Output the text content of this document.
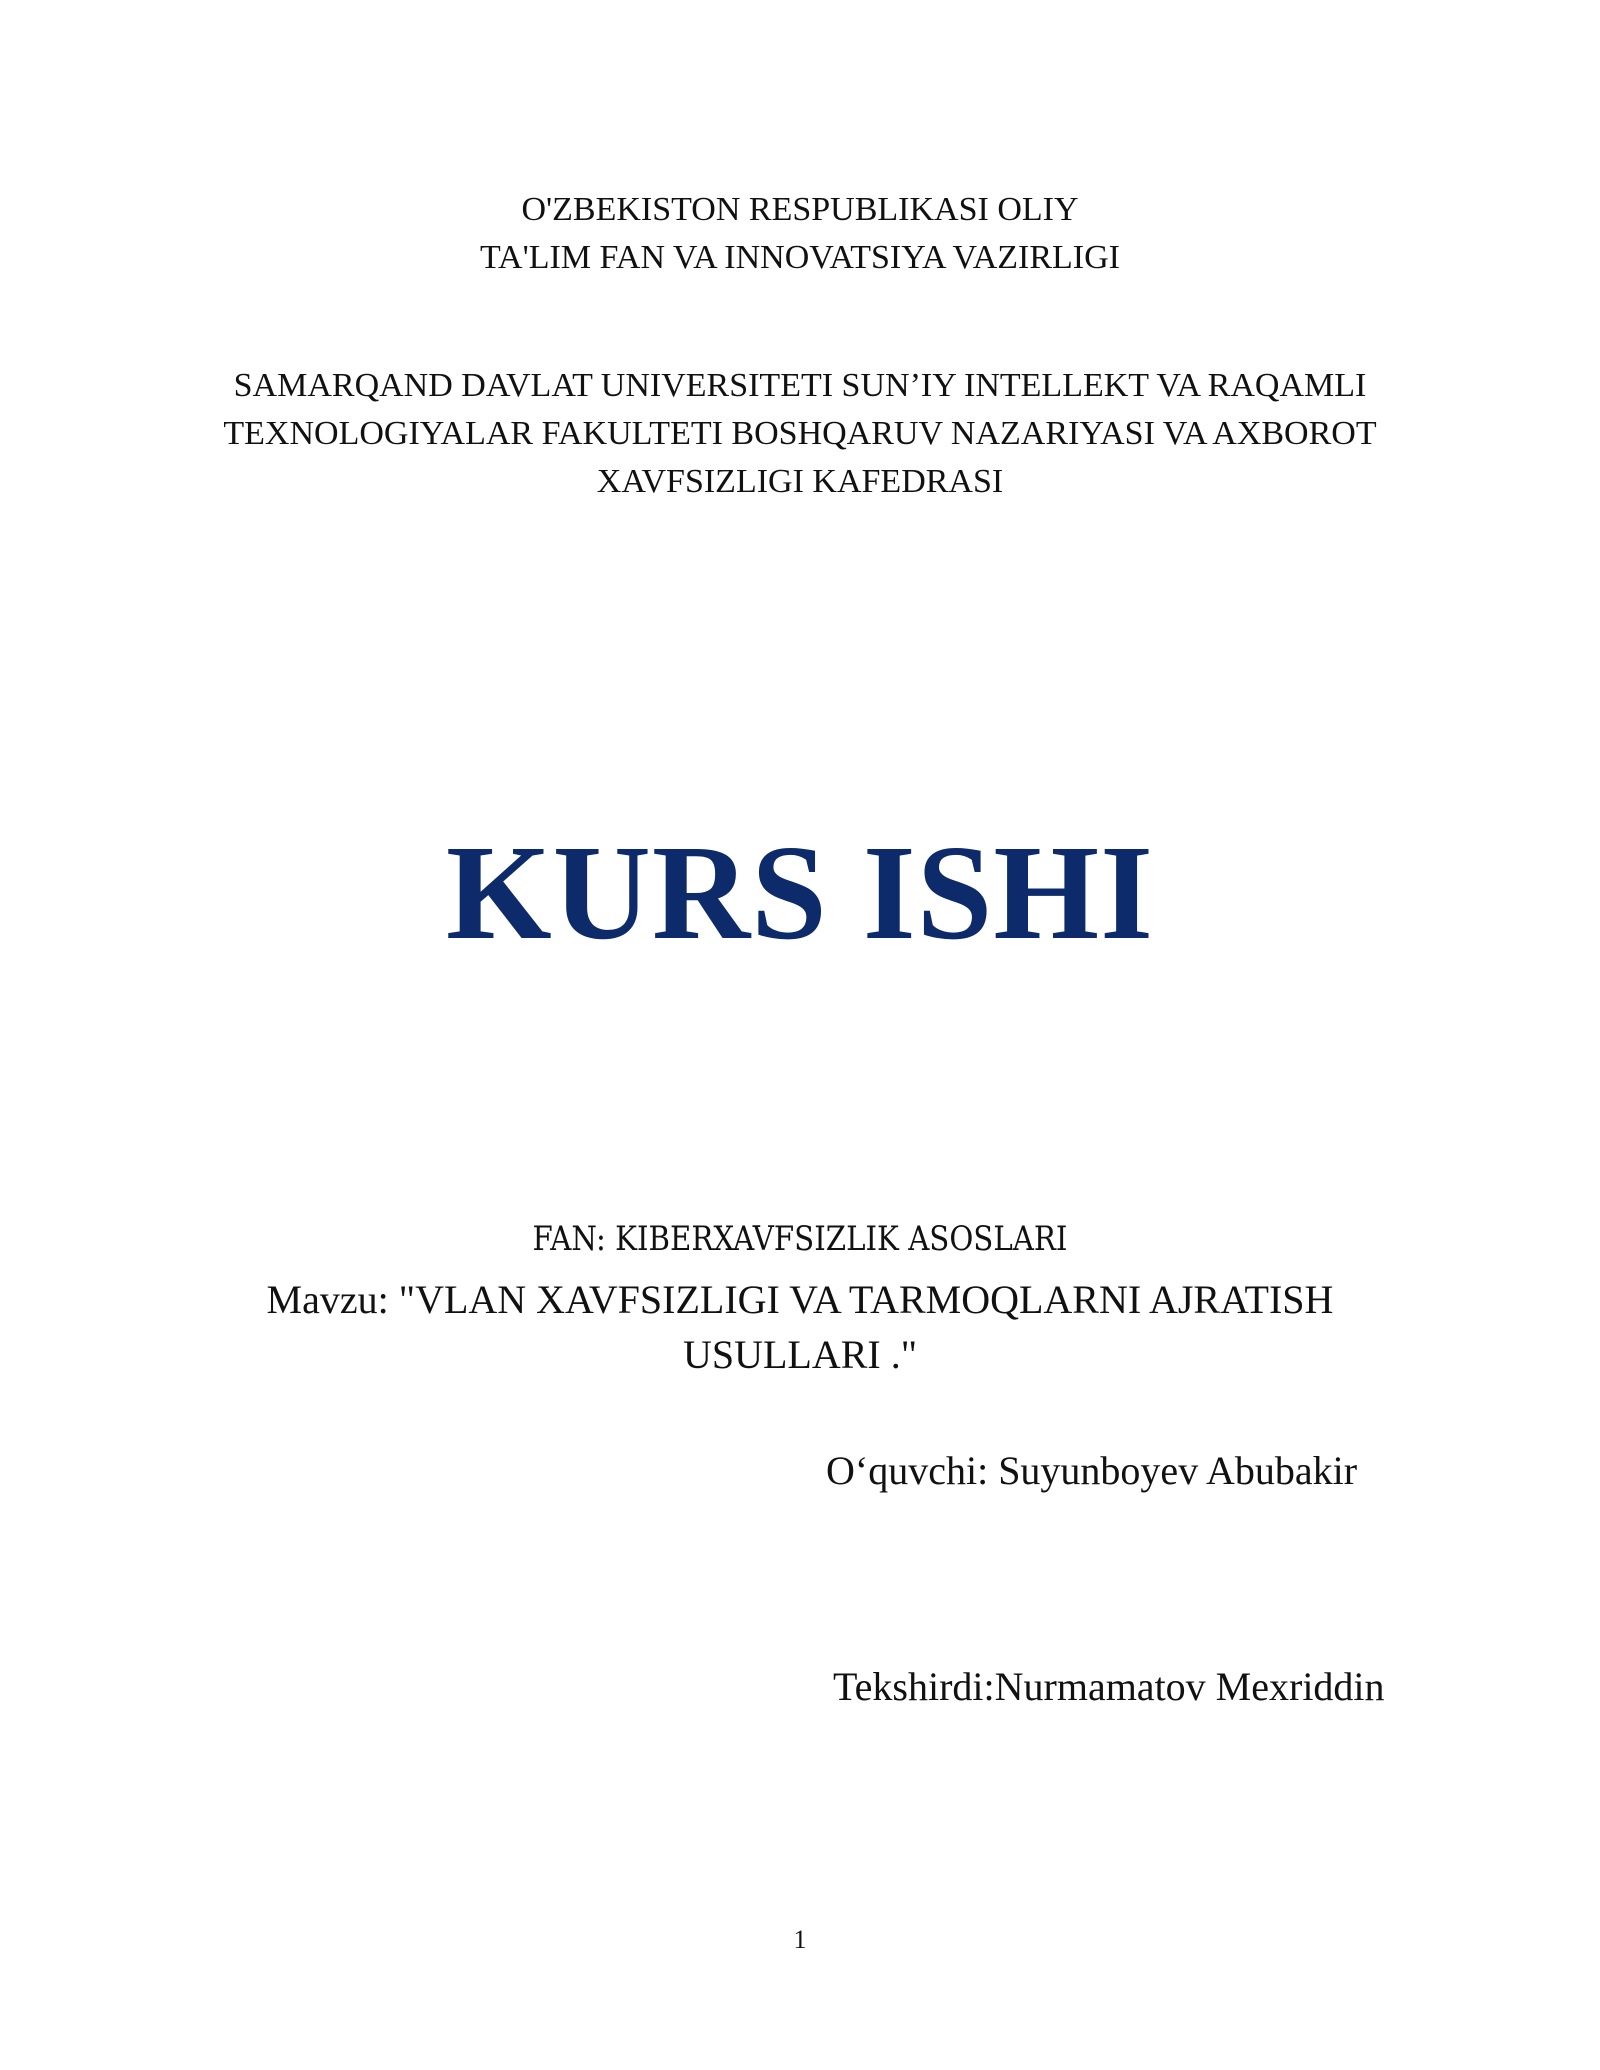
O'ZBEKISTON RESPUBLIKASI OLIY
TA'LIM FAN VA INNOVATSIYA VAZIRLIGI
SAMARQAND DAVLAT UNIVERSITETI SUN’IY INTELLEKT VA RAQAMLI
TEXNOLOGIYALAR FAKULTETI BOSHQARUV NAZARIYASI VA AXBOROT
XAVFSIZLIGI KAFEDRASI
KURS ISHI
FAN: KIBERXAVFSIZLIK ASOSLARI
Mavzu: "VLAN XAVFSIZLIGI VA TARMOQLARNI AJRATISH
USULLARI ."
O‘quvchi: Suyunboyev Abubakir
Tekshirdi:Nurmamatov Mexriddin
1
